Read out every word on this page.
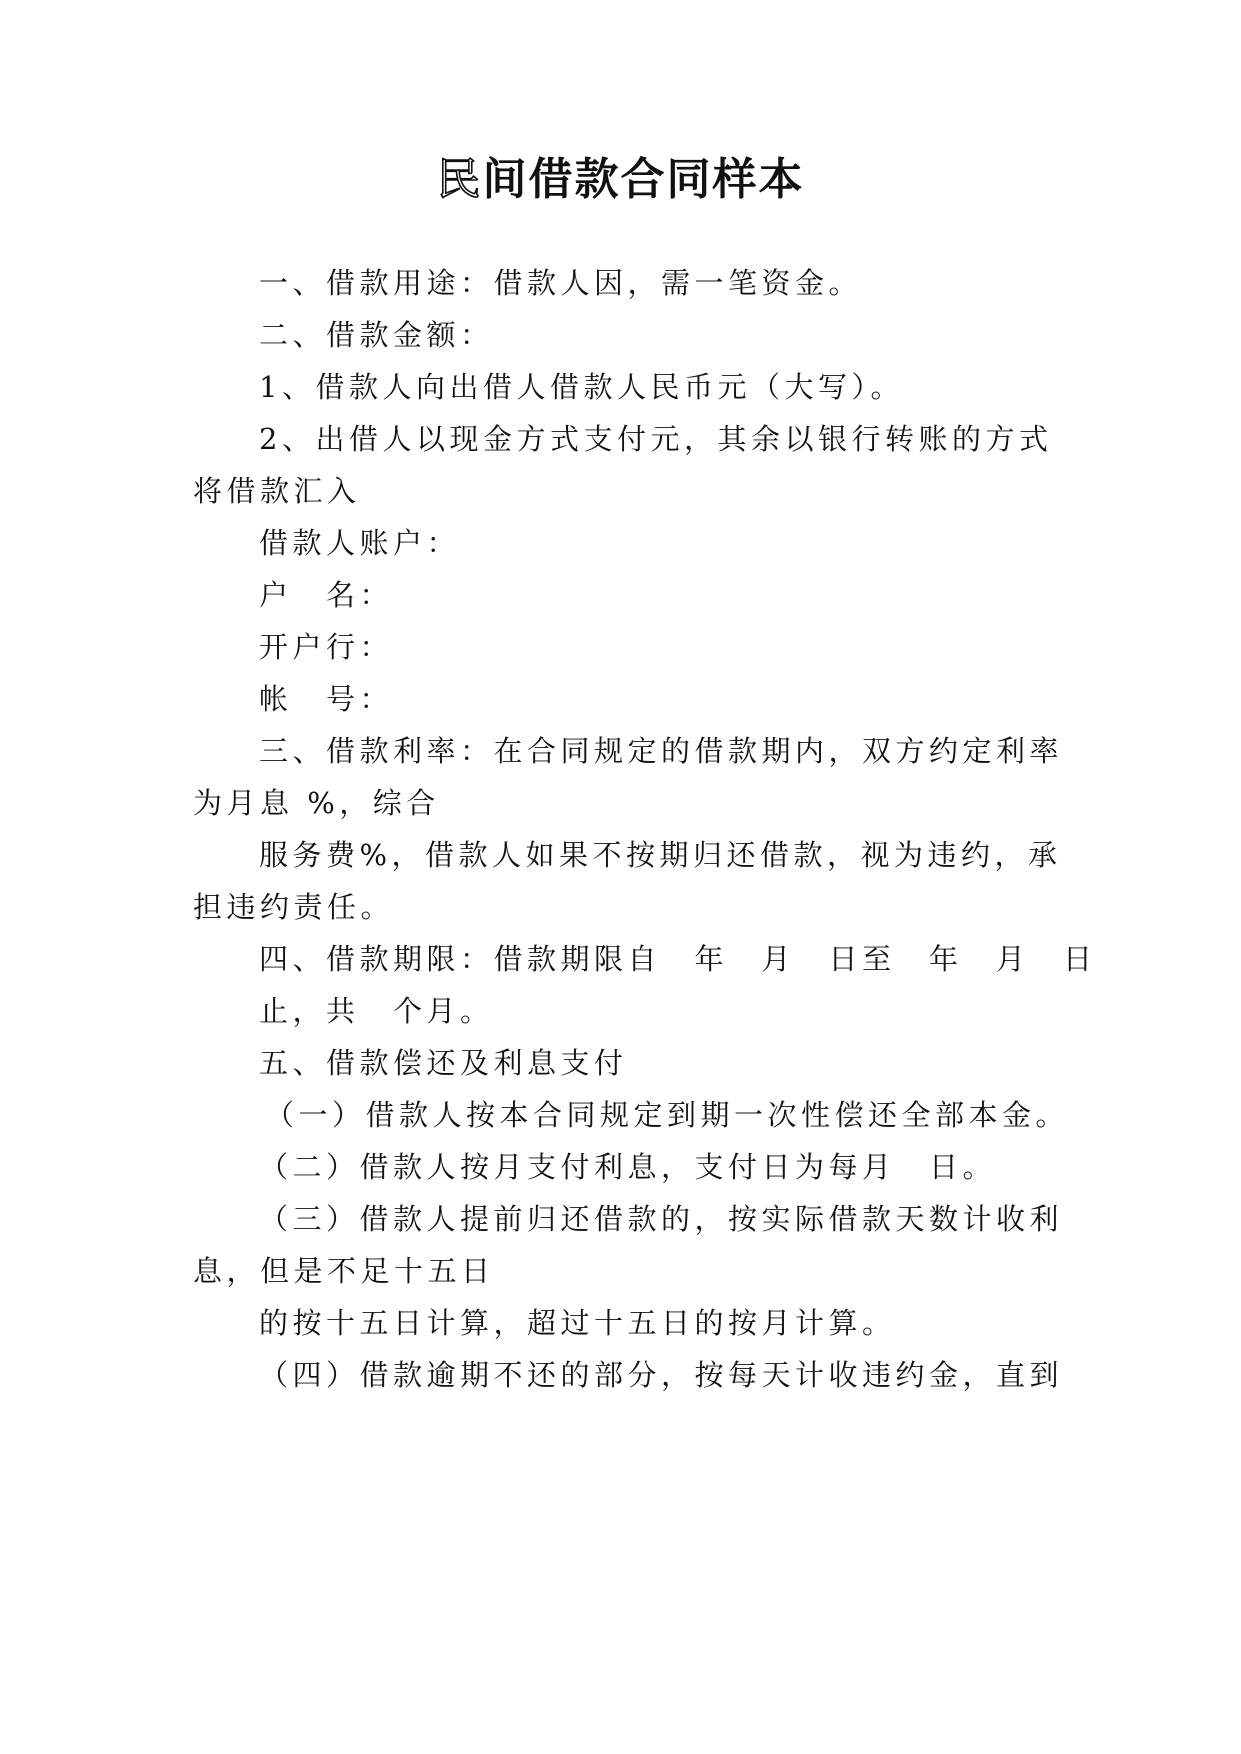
民间借款合同样本
一、借款用途：借款人因，需一笔资金。
二、借款金额：
1、借款人向出借人借款人民币元（大写）。
2、出借人以现金方式支付元，其余以银行转账的方式
将借款汇入
借款人账户：
户　名：
开户行：
帐　号：
三、借款利率：在合同规定的借款期内，双方约定利率
为月息 %，综合
服务费%，借款人如果不按期归还借款，视为违约，承
担违约责任。
四、借款期限：借款期限自　年　月　日至　年　月　日
止，共　个月。
五、借款偿还及利息支付
（一）借款人按本合同规定到期一次性偿还全部本金。
（二）借款人按月支付利息，支付日为每月　日。
（三）借款人提前归还借款的，按实际借款天数计收利
息，但是不足十五日
的按十五日计算，超过十五日的按月计算。
（四）借款逾期不还的部分，按每天计收违约金，直到
